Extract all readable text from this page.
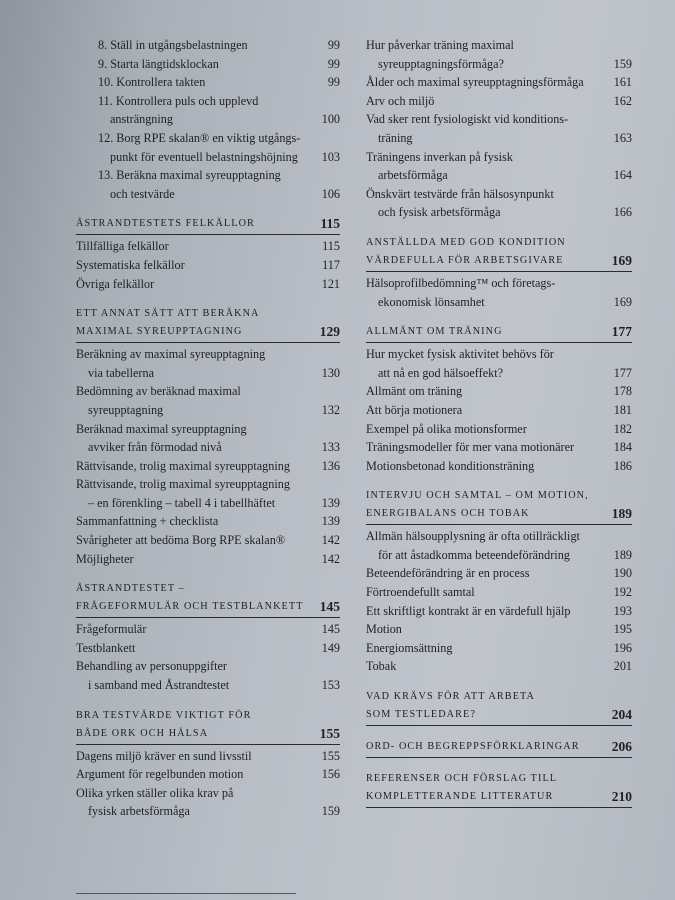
8. Ställ in utgångsbelastningen	99
9. Starta längtidsklockan	99
10. Kontrollera takten	99
11. Kontrollera puls och upplevd
ansträngning	100
12. Borg RPE skalan® en viktig utgångs-
punkt för eventuell belastningshöjning	103
13. Beräkna maximal syreupptagning
och testvärde	106
ÅSTRANDTESTETS FELKÄLLOR	115
Tillfälliga felkällor	115
Systematiska felkällor	117
Övriga felkällor	121
ETT ANNAT SÄTT ATT BERÄKNA
MAXIMAL SYREUPPTAGNING	129
Beräkning av maximal syreupptagning
via tabellerna	130
Bedömning av beräknad maximal
syreupptagning	132
Beräknad maximal syreupptagning
avviker från förmodad nivå	133
Rättvisande, trolig maximal syreupptagning	136
Rättvisande, trolig maximal syreupptagning
– en förenkling – tabell 4 i tabellhäftet	139
Sammanfattning + checklista	139
Svårigheter att bedöma Borg RPE skalan®	142
Möjligheter	142
ÅSTRANDTESTET –
FRÅGEFORMULÄR OCH TESTBLANKETT 145
Frågeformulär	145
Testblankett	149
Behandling av personuppgifter
i samband med Åstrandtestet	153
BRA TESTVÄRDE VIKTIGT FÖR
BÅDE ORK OCH HÄLSA	155
Dagens miljö kräver en sund livsstil	155
Argument för regelbunden motion	156
Olika yrken ställer olika krav på
fysisk arbetsförmåga	159
Hur påverkar träning maximal
syreupptagningsförmåga?	159
Ålder och maximal syreupptagningsförmåga	161
Arv och miljö	162
Vad sker rent fysiologiskt vid konditions-
träning	163
Träningens inverkan på fysisk
arbetsförmåga	164
Önskvärt testvärde från hälsosynpunkt
och fysisk arbetsförmåga	166
ANSTÄLLDA MED GOD KONDITION
VÄRDEFULLA FÖR ARBETSGIVARE	169
Hälsoprofilbedömning™ och företags-
ekonomisk lönsamhet	169
ALLMÄNT OM TRÄNING	177
Hur mycket fysisk aktivitet behövs för
att nå en god hälsoeffekt?	177
Allmänt om träning	178
Att börja motionera	181
Exempel på olika motionsformer	182
Träningsmodeller för mer vana motionärer	184
Motionsbetonad konditionsträning	186
INTERVJU OCH SAMTAL – OM MOTION,
ENERGIBALANS OCH TOBAK	189
Allmän hälsoupplysning är ofta otillräckligt
för att åstadkomma beteendeförändring	189
Beteendeförändring är en process	190
Förtroendefullt samtal	192
Ett skriftligt kontrakt är en värdefull hjälp	193
Motion	195
Energiomsättning	196
Tobak	201
VAD KRÄVS FÖR ATT ARBETA
SOM TESTLEDARE?	204
ORD- OCH BEGREPPSFÖRKLARINGAR 206
REFERENSER OCH FÖRSLAG TILL
KOMPLETTERANDE LITTERATUR	210
